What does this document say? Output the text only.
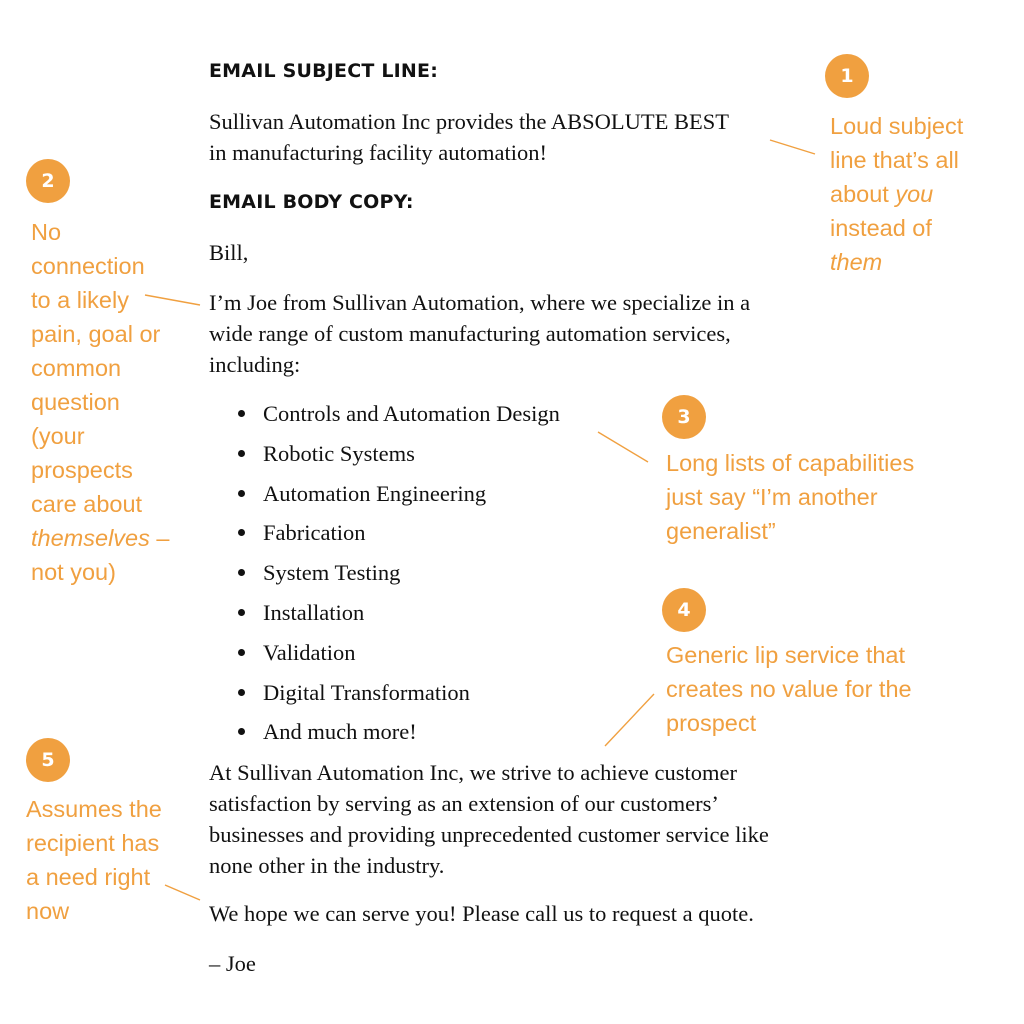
EMAIL SUBJECT LINE:

Sullivan Automation Inc provides the ABSOLUTE BEST
in manufacturing facility automation!

EMAIL BODY COPY:

Bill,
I’m Joe from Sullivan Automation, where we specialize in a
wide range of custom manufacturing automation services,
including:
Controls and Automation Design
Robotic Systems
Automation Engineering
Fabrication
System Testing
Installation
Validation
Digital Transformation
And much more!
At Sullivan Automation Inc, we strive to achieve customer
satisfaction by serving as an extension of our customers’
businesses and providing unprecedented customer service like
none other in the industry.
We hope we can serve you! Please call us to request a quote.
– Joe
1
Loud subject
line that’s all
about you
instead of
them
2
No
connection
to a likely
pain, goal or
common
question
(your
prospects
care about
themselves –
not you)
3
Long lists of capabilities
just say “I’m another
generalist”
4
Generic lip service that
creates no value for the
prospect
5
Assumes the
recipient has
a need right
now
